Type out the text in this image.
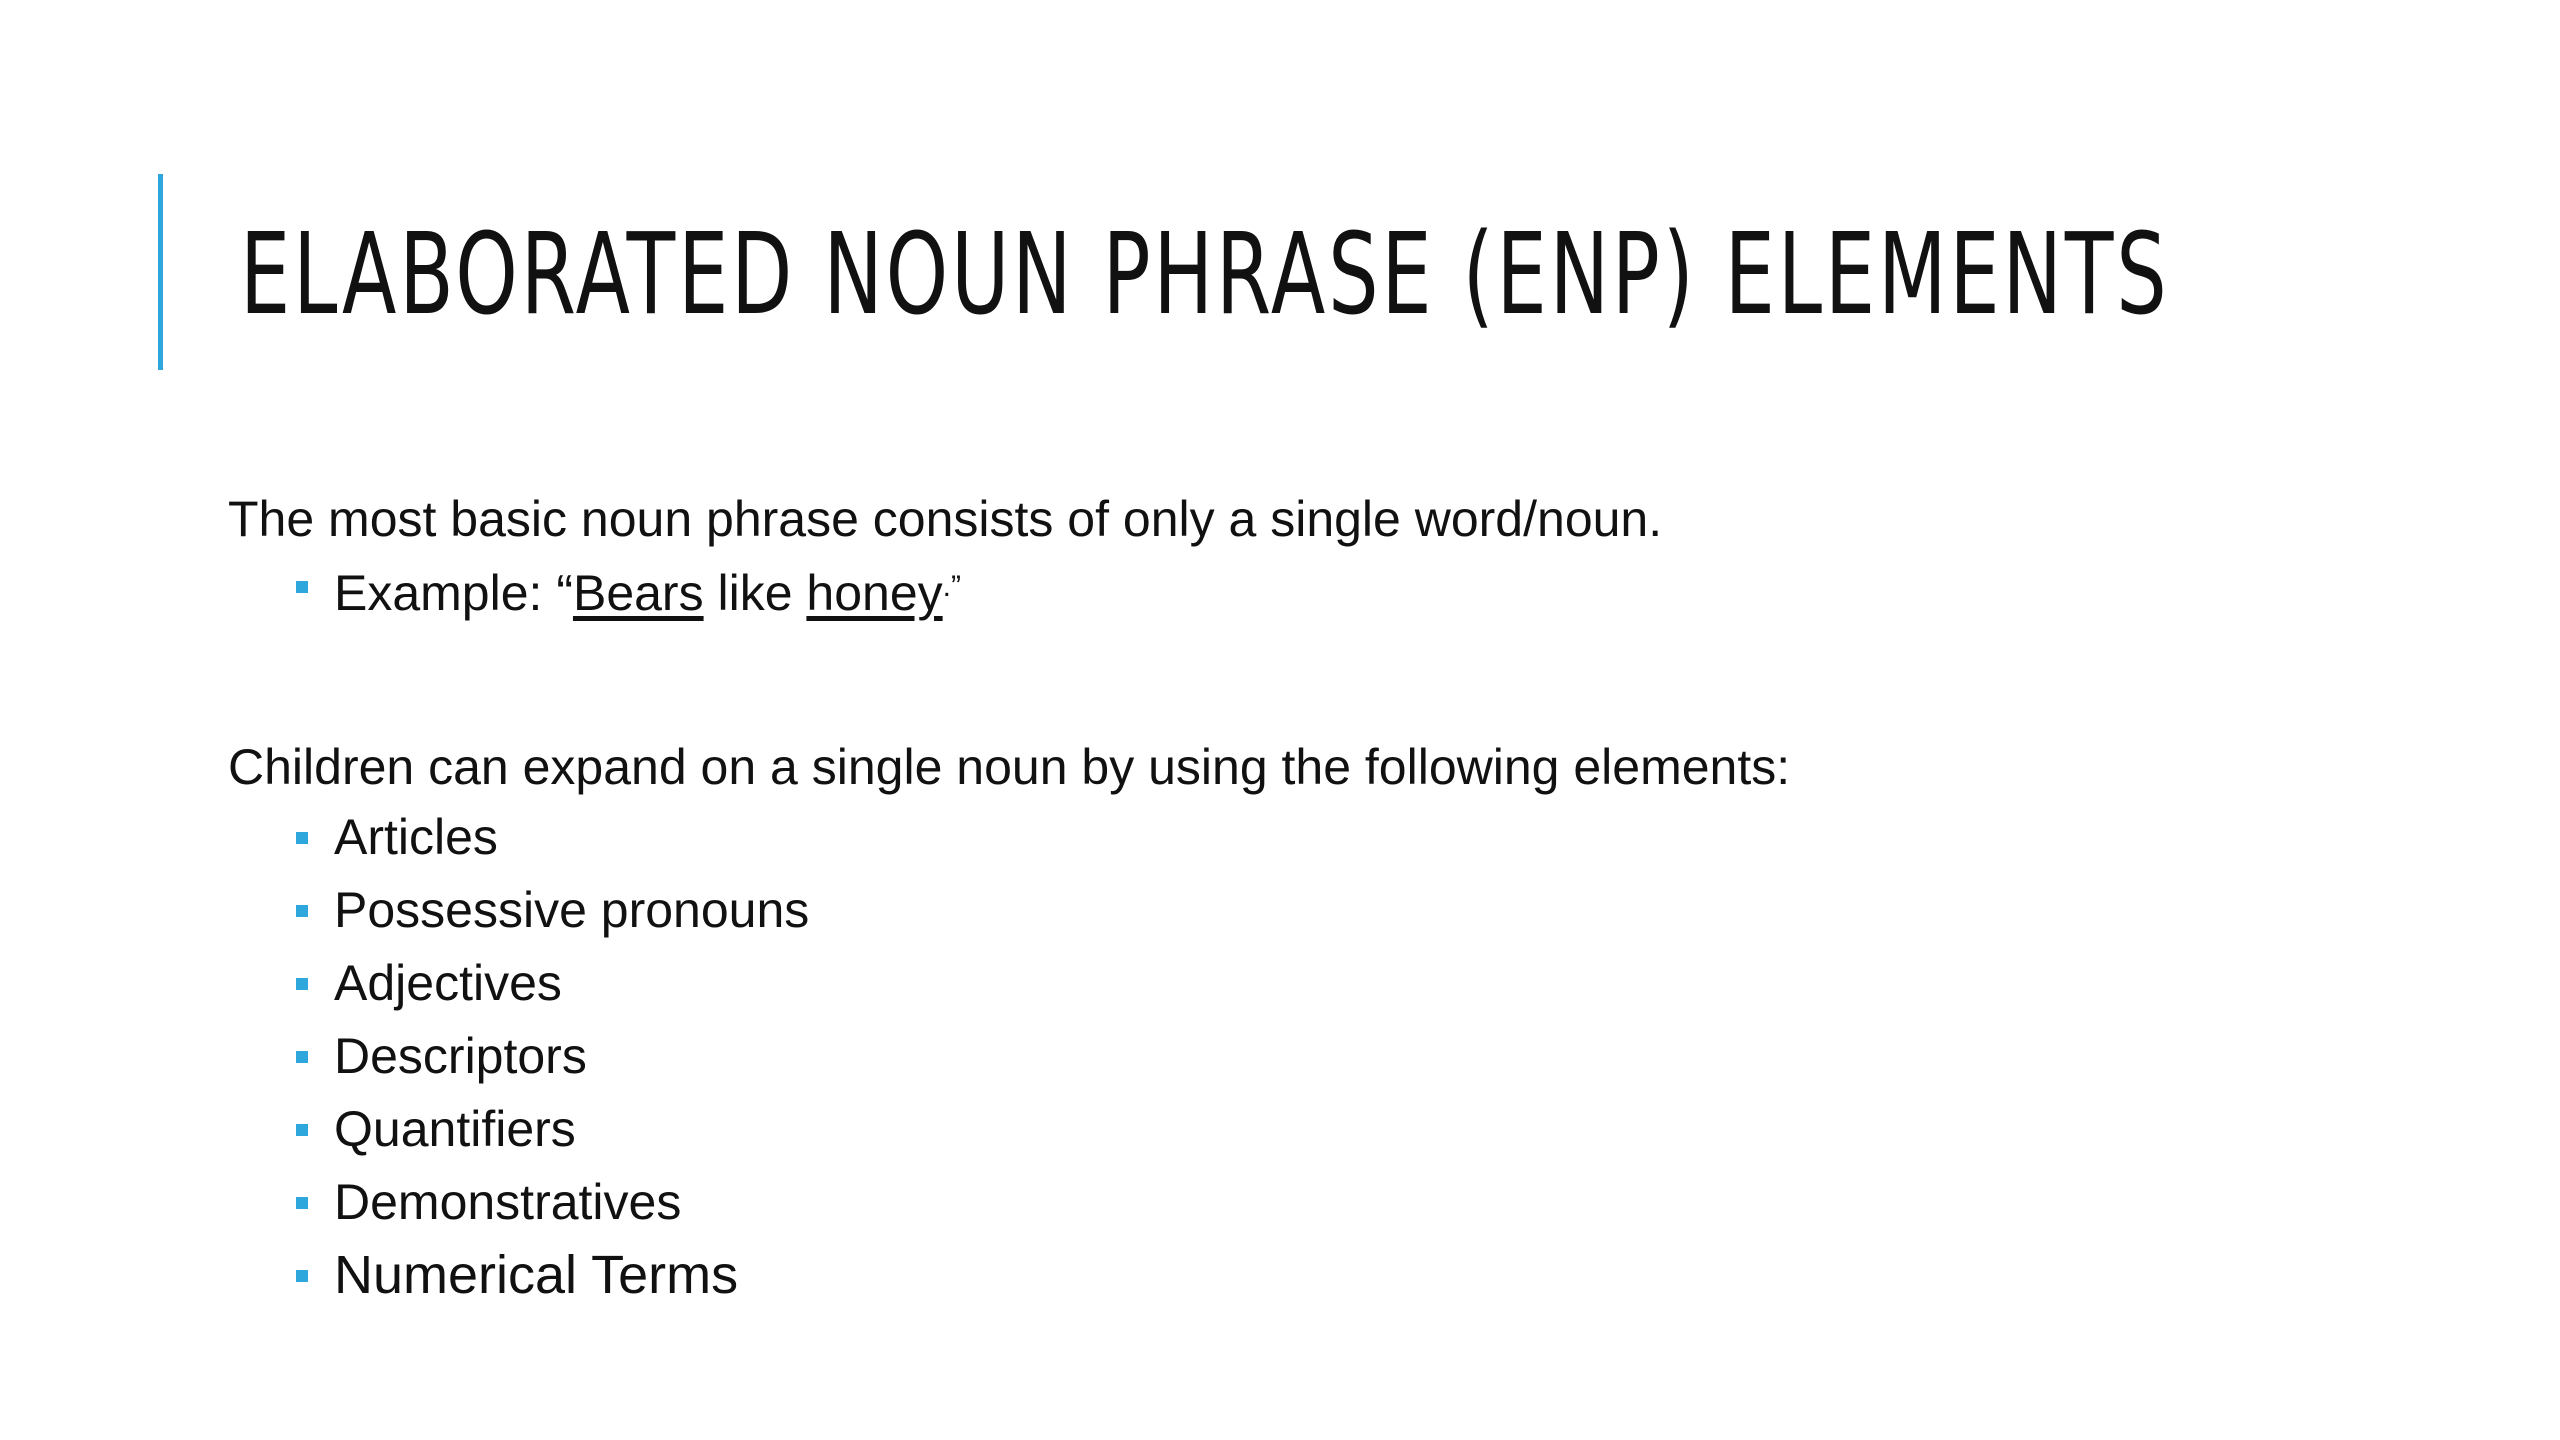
ELABORATED NOUN PHRASE (ENP) ELEMENTS

The most basic noun phrase consists of only a single word/noun.

Example: “Bears like honey.”

Children can expand on a single noun by using the following elements:

Articles
Possessive pronouns
Adjectives
Descriptors
Quantifiers
Demonstratives
Numerical Terms
